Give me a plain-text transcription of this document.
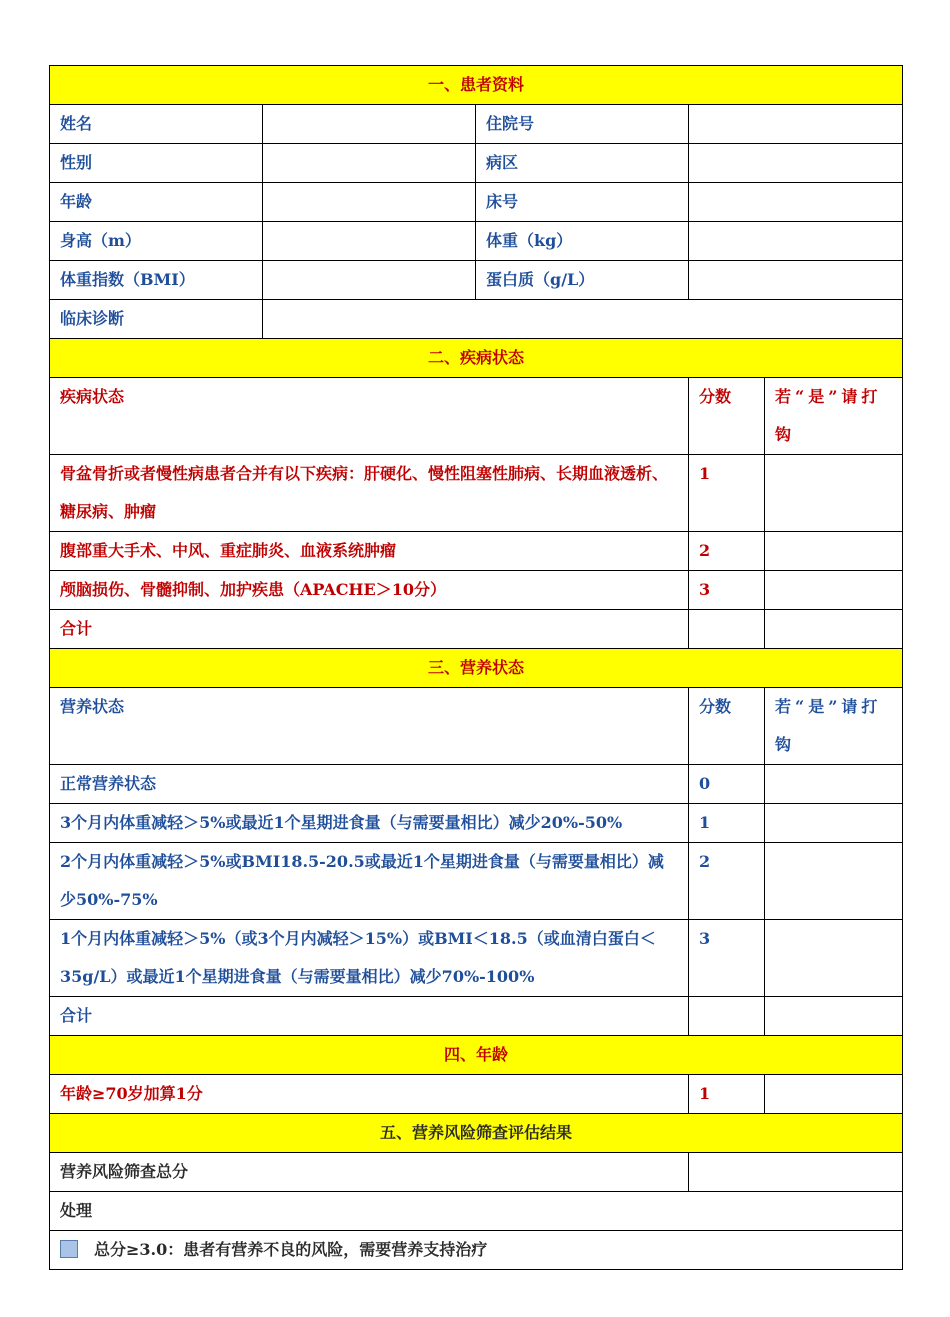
一、患者资料				
姓名		住院号		
性别		病区		
年龄		床号		
身高（m）		体重（kg）		
体重指数（BMI）		蛋白质（g/L）		
临床诊断				
二、疾病状态				
疾病状态			分数	若“是”请打钩
骨盆骨折或者慢性病患者合并有以下疾病：肝硬化、慢性阻塞性肺病、长期血液透析、糖尿病、肿瘤			1	
腹部重大手术、中风、重症肺炎、血液系统肿瘤			2	
颅脑损伤、骨髓抑制、加护疾患（APACHE＞10分）			3	
合计				
三、营养状态				
营养状态			分数	若“是”请打钩
正常营养状态			0	
3个月内体重减轻＞5%或最近1个星期进食量（与需要量相比）减少20%-50%			1	
2个月内体重减轻＞5%或BMI18.5-20.5或最近1个星期进食量（与需要量相比）减少50%-75%			2	
1个月内体重减轻＞5%（或3个月内减轻＞15%）或BMI＜18.5（或血清白蛋白＜35g/L）或最近1个星期进食量（与需要量相比）减少70%-100%			3	
合计				
四、年龄				
年龄≥70岁加算1分			1	
五、营养风险筛查评估结果				
营养风险筛查总分				
处理				
总分≥3.0：患者有营养不良的风险，需要营养支持治疗				
